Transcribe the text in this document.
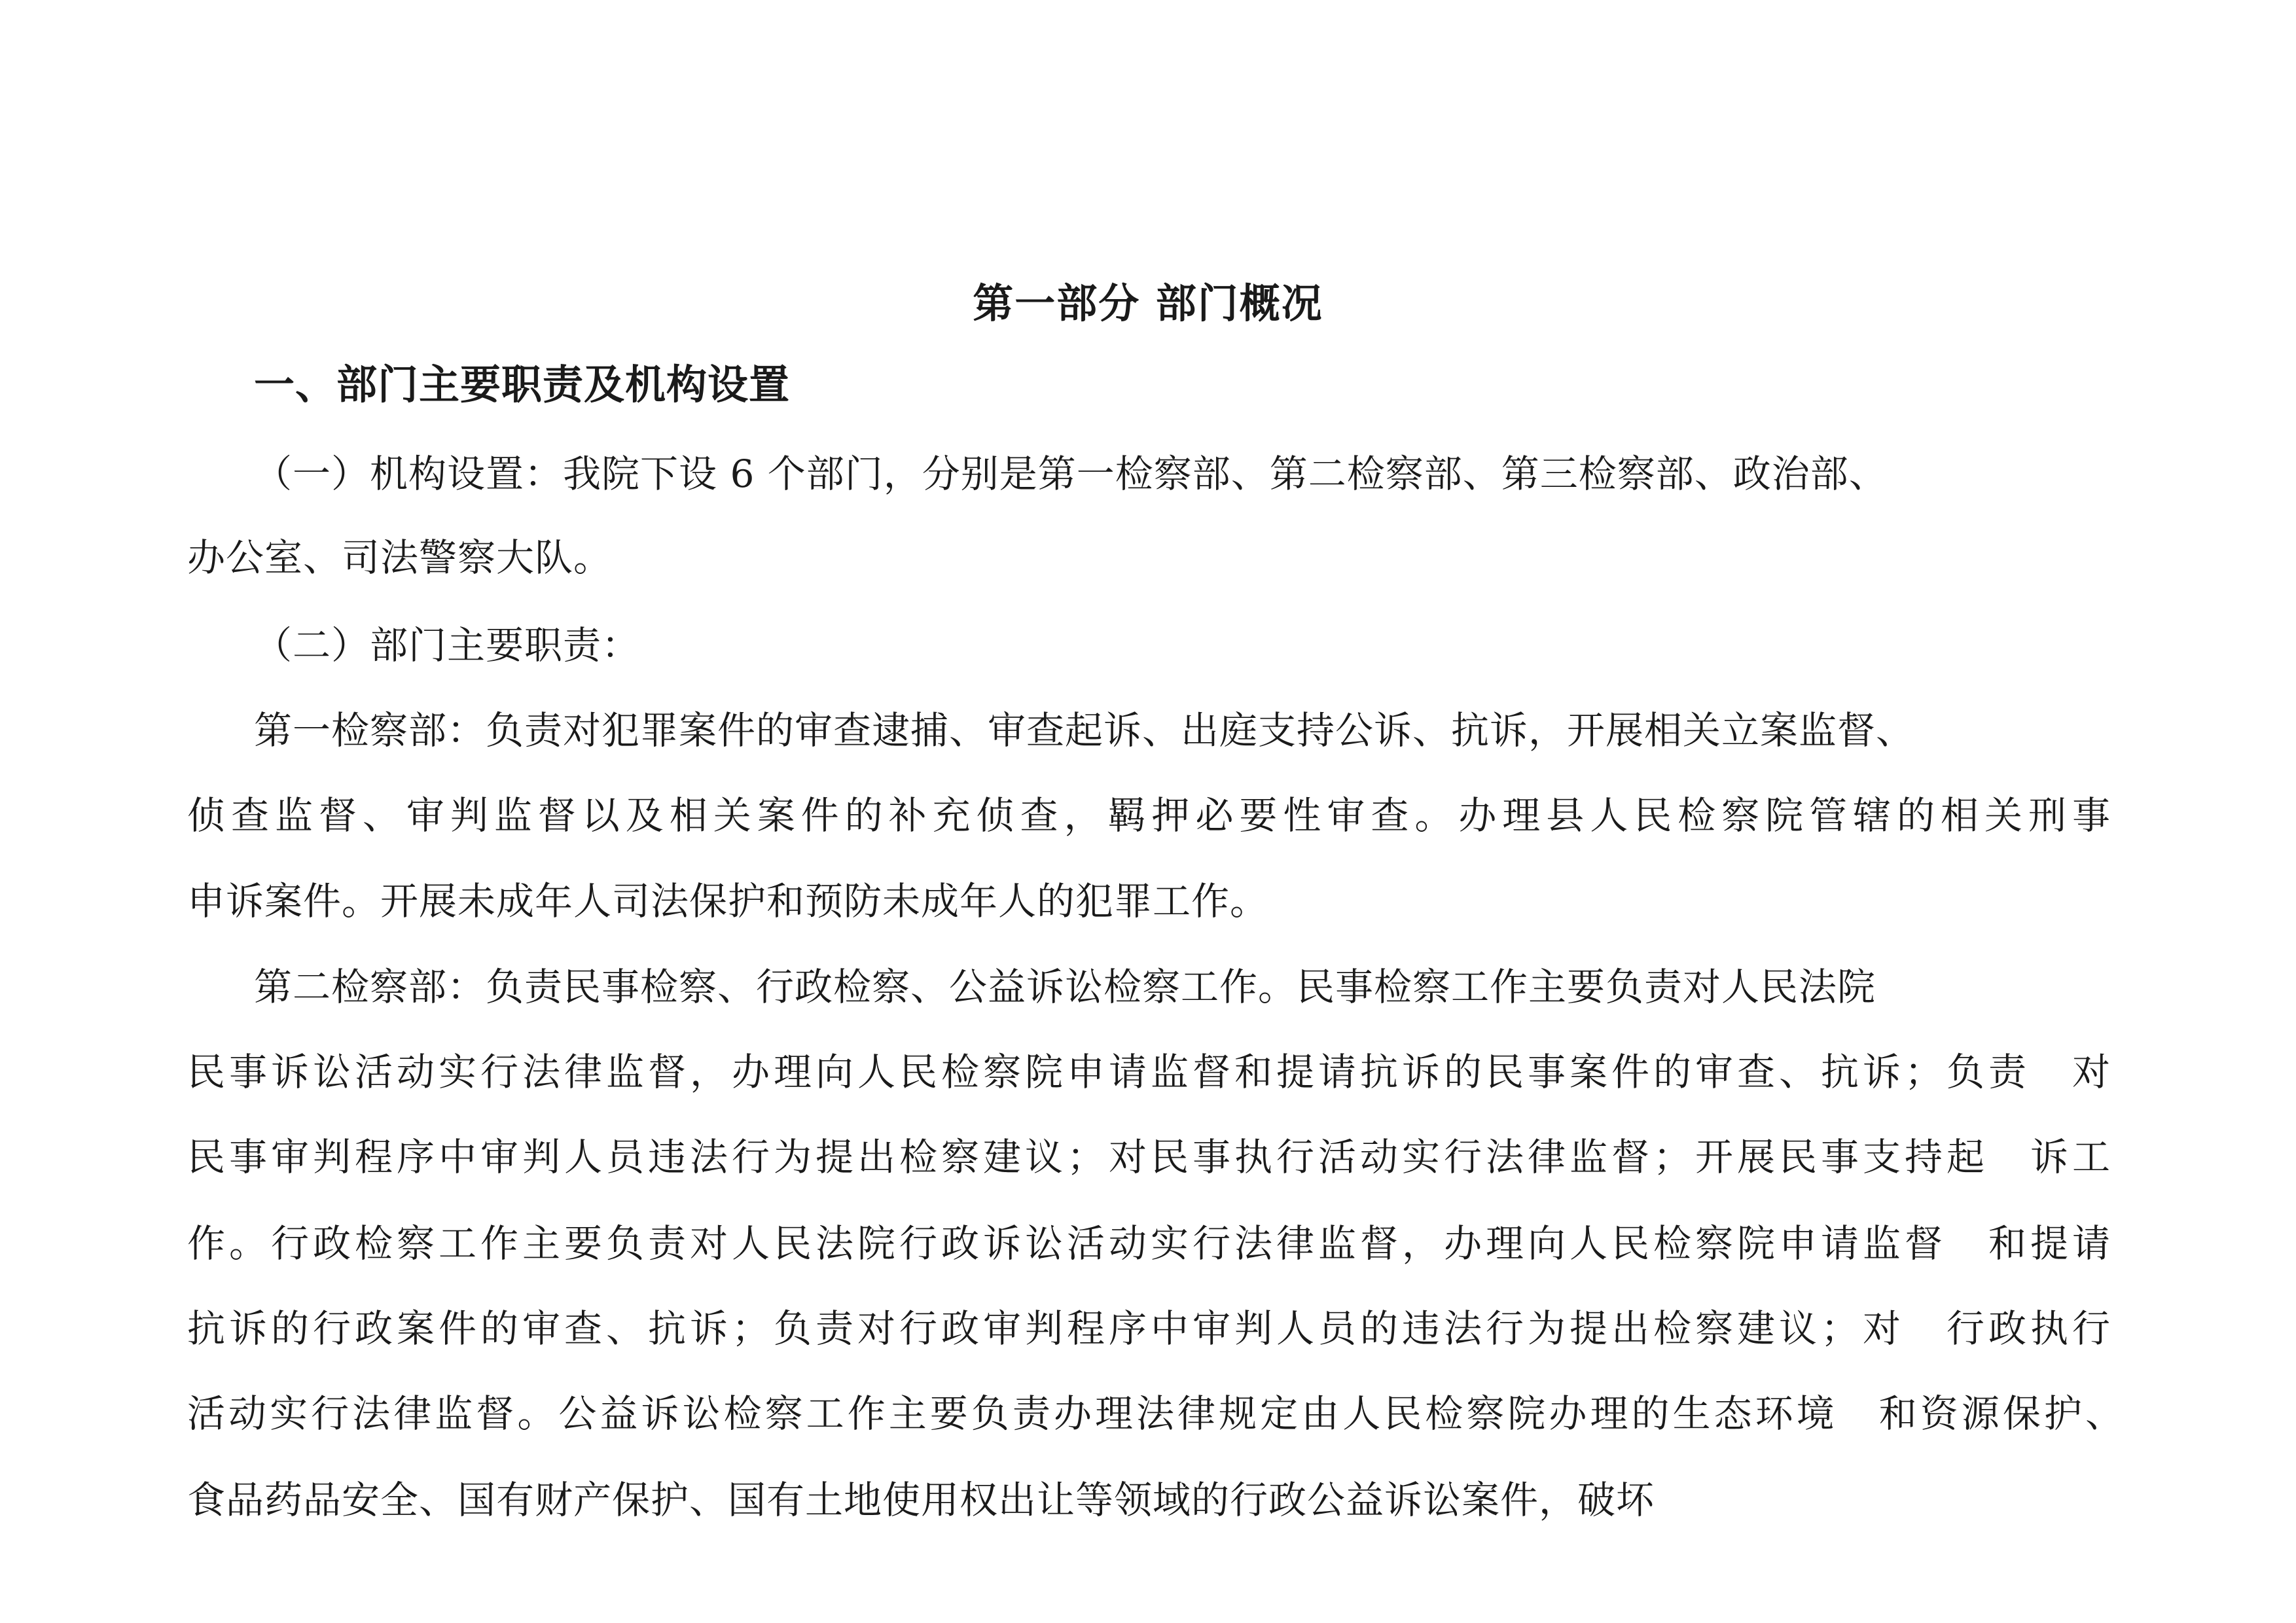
第一部分 部门概况

一、部门主要职责及机构设置

（一）机构设置：我院下设 6 个部门，分别是第一检察部、第二检察部、第三检察部、政治部、

办公室、司法警察大队。

（二）部门主要职责：

第一检察部：负责对犯罪案件的审查逮捕、审查起诉、出庭支持公诉、抗诉，开展相关立案监督、

侦查监督、审判监督以及相关案件的补充侦查，羁押必要性审查。办理县人民检察院管辖的相关刑事

申诉案件。开展未成年人司法保护和预防未成年人的犯罪工作。

第二检察部：负责民事检察、行政检察、公益诉讼检察工作。民事检察工作主要负责对人民法院

民事诉讼活动实行法律监督，办理向人民检察院申请监督和提请抗诉的民事案件的审查、抗诉；负责　对

民事审判程序中审判人员违法行为提出检察建议；对民事执行活动实行法律监督；开展民事支持起　诉工

作。行政检察工作主要负责对人民法院行政诉讼活动实行法律监督，办理向人民检察院申请监督　和提请

抗诉的行政案件的审查、抗诉；负责对行政审判程序中审判人员的违法行为提出检察建议；对　行政执行

活动实行法律监督。公益诉讼检察工作主要负责办理法律规定由人民检察院办理的生态环境　和资源保护、

食品药品安全、国有财产保护、国有土地使用权出让等领域的行政公益诉讼案件，破坏
